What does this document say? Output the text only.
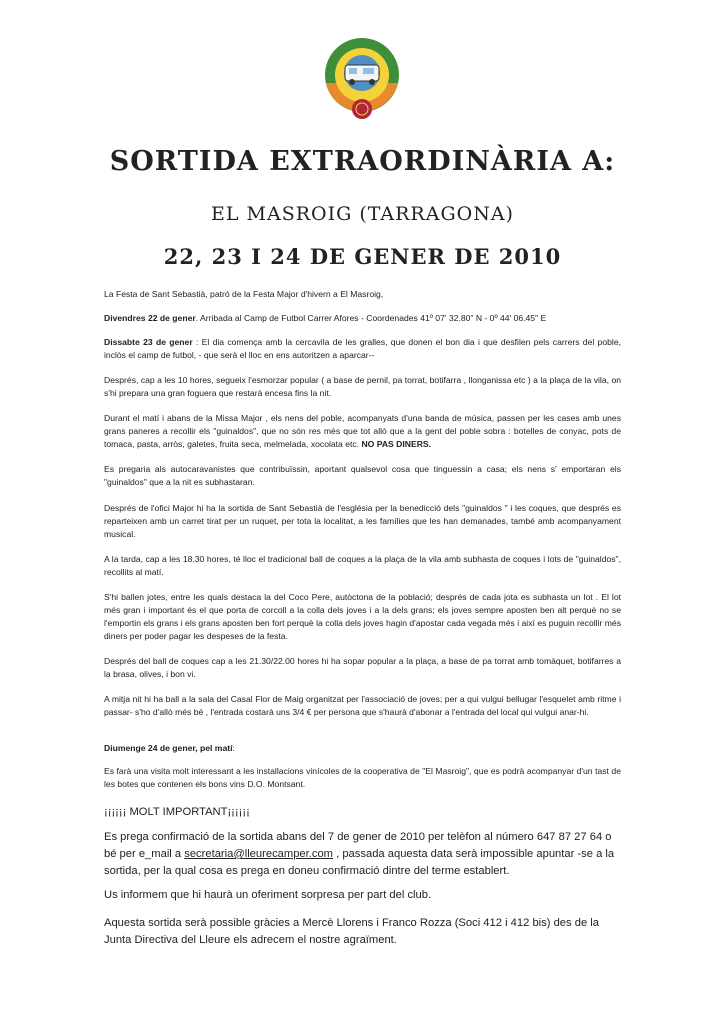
SORTIDA EXTRAORDINÀRIA A:
EL MASROIG (TARRAGONA)
22, 23 I 24 DE GENER DE 2010

La Festa de Sant Sebastià, patró de la Festa Major d'hivern a El Masroig,

Divendres 22 de gener. Arribada al Camp de Futbol Carrer Afores - Coordenades 41º 07' 32.80" N - 0º 44' 06.45" E

Dissabte 23 de gener : El dia comença amb la cercavila de les gralles, que donen el bon dia i que desfilen pels carrers del poble, inclòs el camp de futbol, - que serà el lloc en ens autoritzen a aparcar--

Després, cap a les 10 hores, segueix l'esmorzar popular ( a base de pernil, pa torrat, botifarra , llonganissa etc ) a la plaça de la vila, on s'hi prepara una gran foguera que restarà encesa fins la nit.

Durant el matí i abans de la Missa Major , els nens del poble, acompanyats d'una banda de música, passen per les cases amb unes grans paneres a recollir els "guinaldos", que no són res més que tot allò que a la gent del poble sobra : botelles de conyac, pots de tomaca, pasta, arròs, galetes, fruita seca, melmelada, xocolata etc. NO PAS DINERS.

Es pregaria als autocaravanistes que contribuïssin, aportant qualsevol cosa que tinguessin a casa; els nens s' emportaran els "guinaldos" que a la nit es subhastaran.

Després de l'ofici Major hi ha la sortida de Sant Sebastià de l'església per la benedicció dels "guinaldos " i les coques, que després es reparteixen amb un carret tirat per un ruquet, per tota la localitat, a les famílies que les han demanades, també amb acompanyament musical.

A la tarda, cap a les 18.30 hores, té lloc el tradicional ball de coques a la plaça de la vila amb subhasta de coques i lots de "guinaldos", recollits al matí.

S'hi ballen jotes, entre les quals destaca la del Coco Pere, autòctona de la població; després de cada jota es subhasta un lot . El lot més gran i important és el que porta de corcoll a la colla dels joves i a la dels grans; els joves sempre aposten ben alt perquè no se l'emportin els grans i els grans aposten ben fort perquè la colla dels joves hagin d'apostar cada vegada més i així es puguin recollir més diners per poder pagar les despeses de la festa.

Després del ball de coques cap a les 21.30/22.00 hores hi ha sopar popular a la plaça, a base de pa torrat amb tomàquet, botifarres a la brasa, olives, i bon vi.

A mitja nit hi ha ball a la sala del Casal Flor de Maig organitzat per l'associació de joves; per a qui vulgui bellugar l'esquelet amb ritme i passar- s'ho d'allò més bé , l'entrada costarà uns 3/4 € per persona que s'haurà d'abonar a l'entrada del local qui vulgui anar-hi.

Diumenge 24 de gener, pel matí:

Es farà una visita molt interessant a les installacions vinícoles de la cooperativa de "El Masroig", que es podrà acompanyar d'un tast de les botes que contenen els bons vins D.O. Montsant.

¡¡¡¡¡¡ MOLT IMPORTANT¡¡¡¡¡¡

Es prega confirmació de la sortida abans del 7 de gener de 2010 per telèfon al número 647 87 27 64 o bé per e_mail a secretaria@lleurecamper.com , passada aquesta data serà impossible apuntar -se a la sortida, per la qual cosa es prega en doneu confirmació dintre del terme establert.

Us informem que hi haurà un oferiment sorpresa per part del club.

Aquesta sortida serà possible gràcies a Mercè Llorens i Franco Rozza (Soci 412 i 412 bis) des de la Junta Directiva del Lleure els adrecem el nostre agraïment.
